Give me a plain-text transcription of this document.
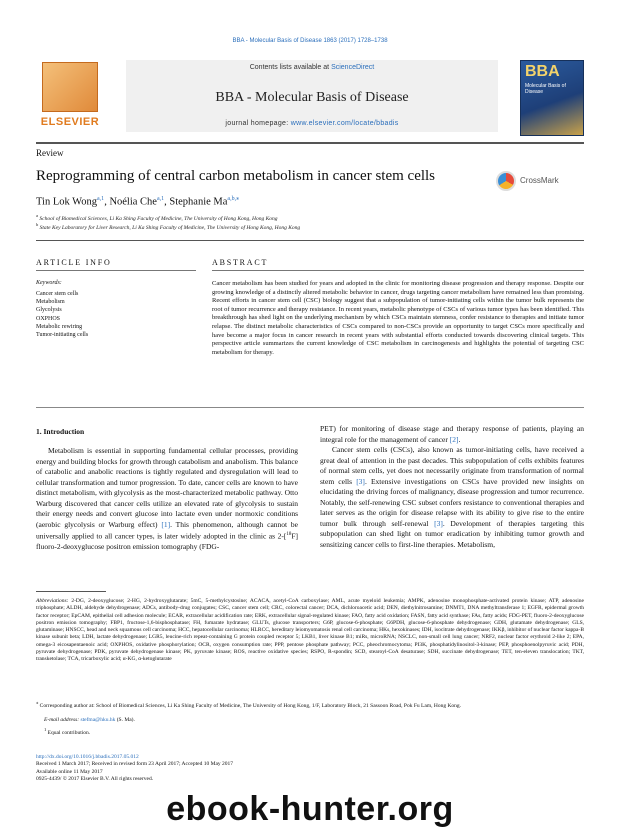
BBA - Molecular Basis of Disease 1863 (2017) 1728–1738
ELSEVIER
Contents lists available at ScienceDirect
BBA - Molecular Basis of Disease
journal homepage: www.elsevier.com/locate/bbadis
BBA
Molecular Basis of Disease
Review
Reprogramming of central carbon metabolism in cancer stem cells	CrossMark
Tin Lok Wong$^{a,1}$, Noélia Che$^{a,1}$, Stephanie $Ma^{a,b,⁎}$
$^a$ School of Biomedical Sciences, Li Ka Shing Faculty of Medicine, The University of Hong Kong, Hong Kong
$^b$ State Key Laboratory for Liver Research, Li Ka Shing Faculty of Medicine, The University of Hong Kong, Hong Kong
ARTICLE INFO
Keywords:
Cancer stem cells
Metabolism
Glycolysis
OXPHOS
Metabolic rewiring
Tumor-initiating cells
ABSTRACT
Cancer metabolism has been studied for years and adopted in the clinic for monitoring disease progression and therapy response. Despite our growing knowledge of a distinctly altered metabolic behavior in cancer, drugs targeting cancer metabolism have remained less than promising. Recent efforts in cancer stem cell (CSC) biology suggest that a subpopulation of tumor-initiating cells within the tumor bulk represents the root of tumor recurrence and therapy resistance. In recent years, metabolic phenotype of CSCs of various tumor types has been identified. This breakthrough has shed light on the underlying mechanism by which CSCs maintain stemness, confer resistance to therapies and initiate tumor relapse. The distinct metabolic characteristics of CSCs compared to non-CSCs provide an opportunity to target CSCs more specifically and have become a major focus in cancer research in recent years with substantial efforts conducted towards discovering clinical targets. This perspective article summarizes the current knowledge of CSC metabolism in carcinogenesis and highlights the potential of targeting CSC metabolism for therapy.
1. Introduction

Metabolism is essential in supporting fundamental cellular processes, providing energy and building blocks for growth through catabolism and anabolism. This balance of catabolic and anabolic reactions is tightly regulated and dysregulation will lead to cellular transformation and tumor progression. To date, cancer cells are known to have distinct metabolism, with glycolysis as the most-characterized metabolic pathway. Otto Warburg discovered that cancer cells utilize an elevated rate of glycolysis to sustain their energy needs and convert glucose into lactate even under normoxic conditions (aerobic glycolysis or Warburg effect) [1]. This phenomenon, although cannot be universally applied to all cancer types, is later widely adopted in the clinic as 2-[$^{18}$F] fluoro-2-deoxyglucose positron emission tomography (FDG-

PET) for monitoring of disease stage and therapy response of patients, playing an integral role for the management of cancer [2].

Cancer stem cells (CSCs), also known as tumor-initiating cells, have received a great deal of attention in the past decades. This subpopulation of cells exhibits features of normal stem cells, yet does not necessarily originate from transformation of normal stem cells [3]. Extensive investigations on CSCs have provided new insights on elucidating the driving forces of malignancy, disease progression and tumor recurrence. Notably, the self-renewing CSC subset confers resistance to conventional therapies and later serves as the origin for disease relapse with its ability to give rise to the entire tumor bulk through self-renewal [3]. Development of therapies targeting this subpopulation can shed light on tumor eradication by inhibiting tumor growth and sensitizing cancer cells to first-line therapies. Metabolism,

Abbreviations: 2-DG, 2-deoxyglucose; 2-HG, 2-hydroxyglutarate; 5mC, 5-methylcystosine; ACACA, acetyl-CoA carboxylase; AML, acute myeloid leukemia; AMPK, adenosine monophosphate-activated protein kinase; ATP, adenosine triphosphate; ALDH, aldehyde dehydrogenase; ADCs, antibody-drug conjugates; CSC, cancer stem cell; CRC, colorectal cancer; DCA, dichloroacetic acid; DEN, diethylnitrosamine; DNMT1, DNA methyltransferase 1; EGFR, epidermal growth factor receptor; EpCAM, epithelial cell adhesion molecule; ECAR, extracellular acidification rate; ERK, extracellular signal-regulated kinase; FAO, fatty acid oxidation; FASN, fatty acid synthase; FAs, fatty acids; FDG-PET, fluoro-2-deoxyglucose positron emission tomography; FBP1, fructose-1,6-bisphosphatase; FH, fumarate hydratase; GLUTs, glucose transporters; G6P, glucose-6-phosphate; G6PDH, glucose-6-phosphate dehydrogenase; GDH, glutamate dehydrogenase; GLS, glutaminase; HNSCC, head and neck squamous cell carcinoma; HCC, hepatocellular carcinoma; HLRCC, hereditary leiomyomatosis renal cell carcinoma; HKs, hexokinases; IDH, isocitrate dehydrogenase; IKKβ, inhibitor of nuclear factor kappa-B kinase subunit beta; LDH, lactate dehydrogenase; LGR5, leucine-rich repeat-containing G protein coupled receptor 5; LKB1, liver kinase B1; miRs, microRNA; NSCLC, non-small cell lung cancer; NRF2, nuclear factor erythroid 2-like 2; EPA, omega-3 eicosapentaenoic acid; OXPHOS, oxidative phosphorylation; OCR, oxygen consumption rate; PPP, pentose phosphate pathway; PCC, pheochromocytoma; PI3K, phosphatidylinositol-3-kinase; PEP, phosphoenolpyruvic acid; PDH, pyruvate dehydrogenase; PDK, pyruvate dehydrogenase kinase; PK, pyruvate kinase; ROS, reactive oxidative species; RSPO, R-spondin; SCD, stearoyl-CoA desaturase; SDH, succinate dehydrogenase; TET, ten-eleven translocation; TKT, transketolase; TCA, tricarboxylic acid; α-KG, α-ketoglutarate
⁎ Corresponding author at: School of Biomedical Sciences, Li Ka Shing Faculty of Medicine, The University of Hong Kong, 1/F, Laboratory Block, 21 Sassoon Road, Pok Fu Lam, Hong Kong.
E-mail address: stefma@hku.hk (S. Ma).
$^1$ Equal contribution.
http://dx.doi.org/10.1016/j.bbadis.2017.05.012
Received 1 March 2017; Received in revised form 23 April 2017; Accepted 10 May 2017
Available online 11 May 2017
0925-4439/ © 2017 Elsevier B.V. All rights reserved.
ebook-hunter.org
